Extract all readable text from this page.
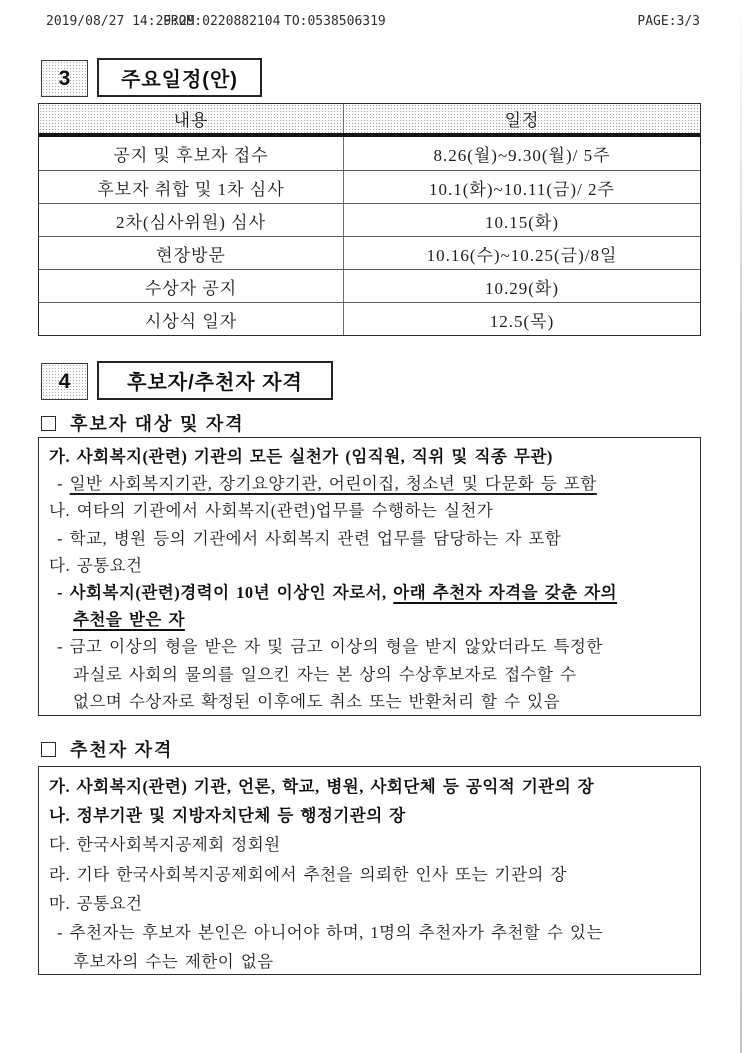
2019/08/27 14:29:29
FROM:0220882104 TO:0538506319	PAGE:3/3
3	주요일정(안)
내용	일정
공지 및 후보자 접수	8.26(월)~9.30(월)/ 5주
후보자 취합 및 1차 심사	10.1(화)~10.11(금)/ 2주
2차(심사위원) 심사	10.15(화)
현장방문	10.16(수)~10.25(금)/8일
수상자 공지	10.29(화)
시상식 일자	12.5(목)
4	후보자/추천자 자격
후보자 대상 및 자격
가. 사회복지(관련) 기관의 모든 실천가 (임직원, 직위 및 직종 무관)
- 일반 사회복지기관, 장기요양기관, 어린이집, 청소년 및 다문화 등 포함
나. 여타의 기관에서 사회복지(관련)업무를 수행하는 실천가
- 학교, 병원 등의 기관에서 사회복지 관련 업무를 담당하는 자 포함
다. 공통요건
- 사회복지(관련)경력이 10년 이상인 자로서, 아래 추천자 자격을 갖춘 자의
추천을 받은 자
- 금고 이상의 형을 받은 자 및 금고 이상의 형을 받지 않았더라도 특정한
과실로 사회의 물의를 일으킨 자는 본 상의 수상후보자로 접수할 수
없으며 수상자로 확정된 이후에도 취소 또는 반환처리 할 수 있음
추천자 자격
가. 사회복지(관련) 기관, 언론, 학교, 병원, 사회단체 등 공익적 기관의 장
나. 정부기관 및 지방자치단체 등 행정기관의 장
다. 한국사회복지공제회 정회원
라. 기타 한국사회복지공제회에서 추천을 의뢰한 인사 또는 기관의 장
마. 공통요건
- 추천자는 후보자 본인은 아니어야 하며, 1명의 추천자가 추천할 수 있는
후보자의 수는 제한이 없음
